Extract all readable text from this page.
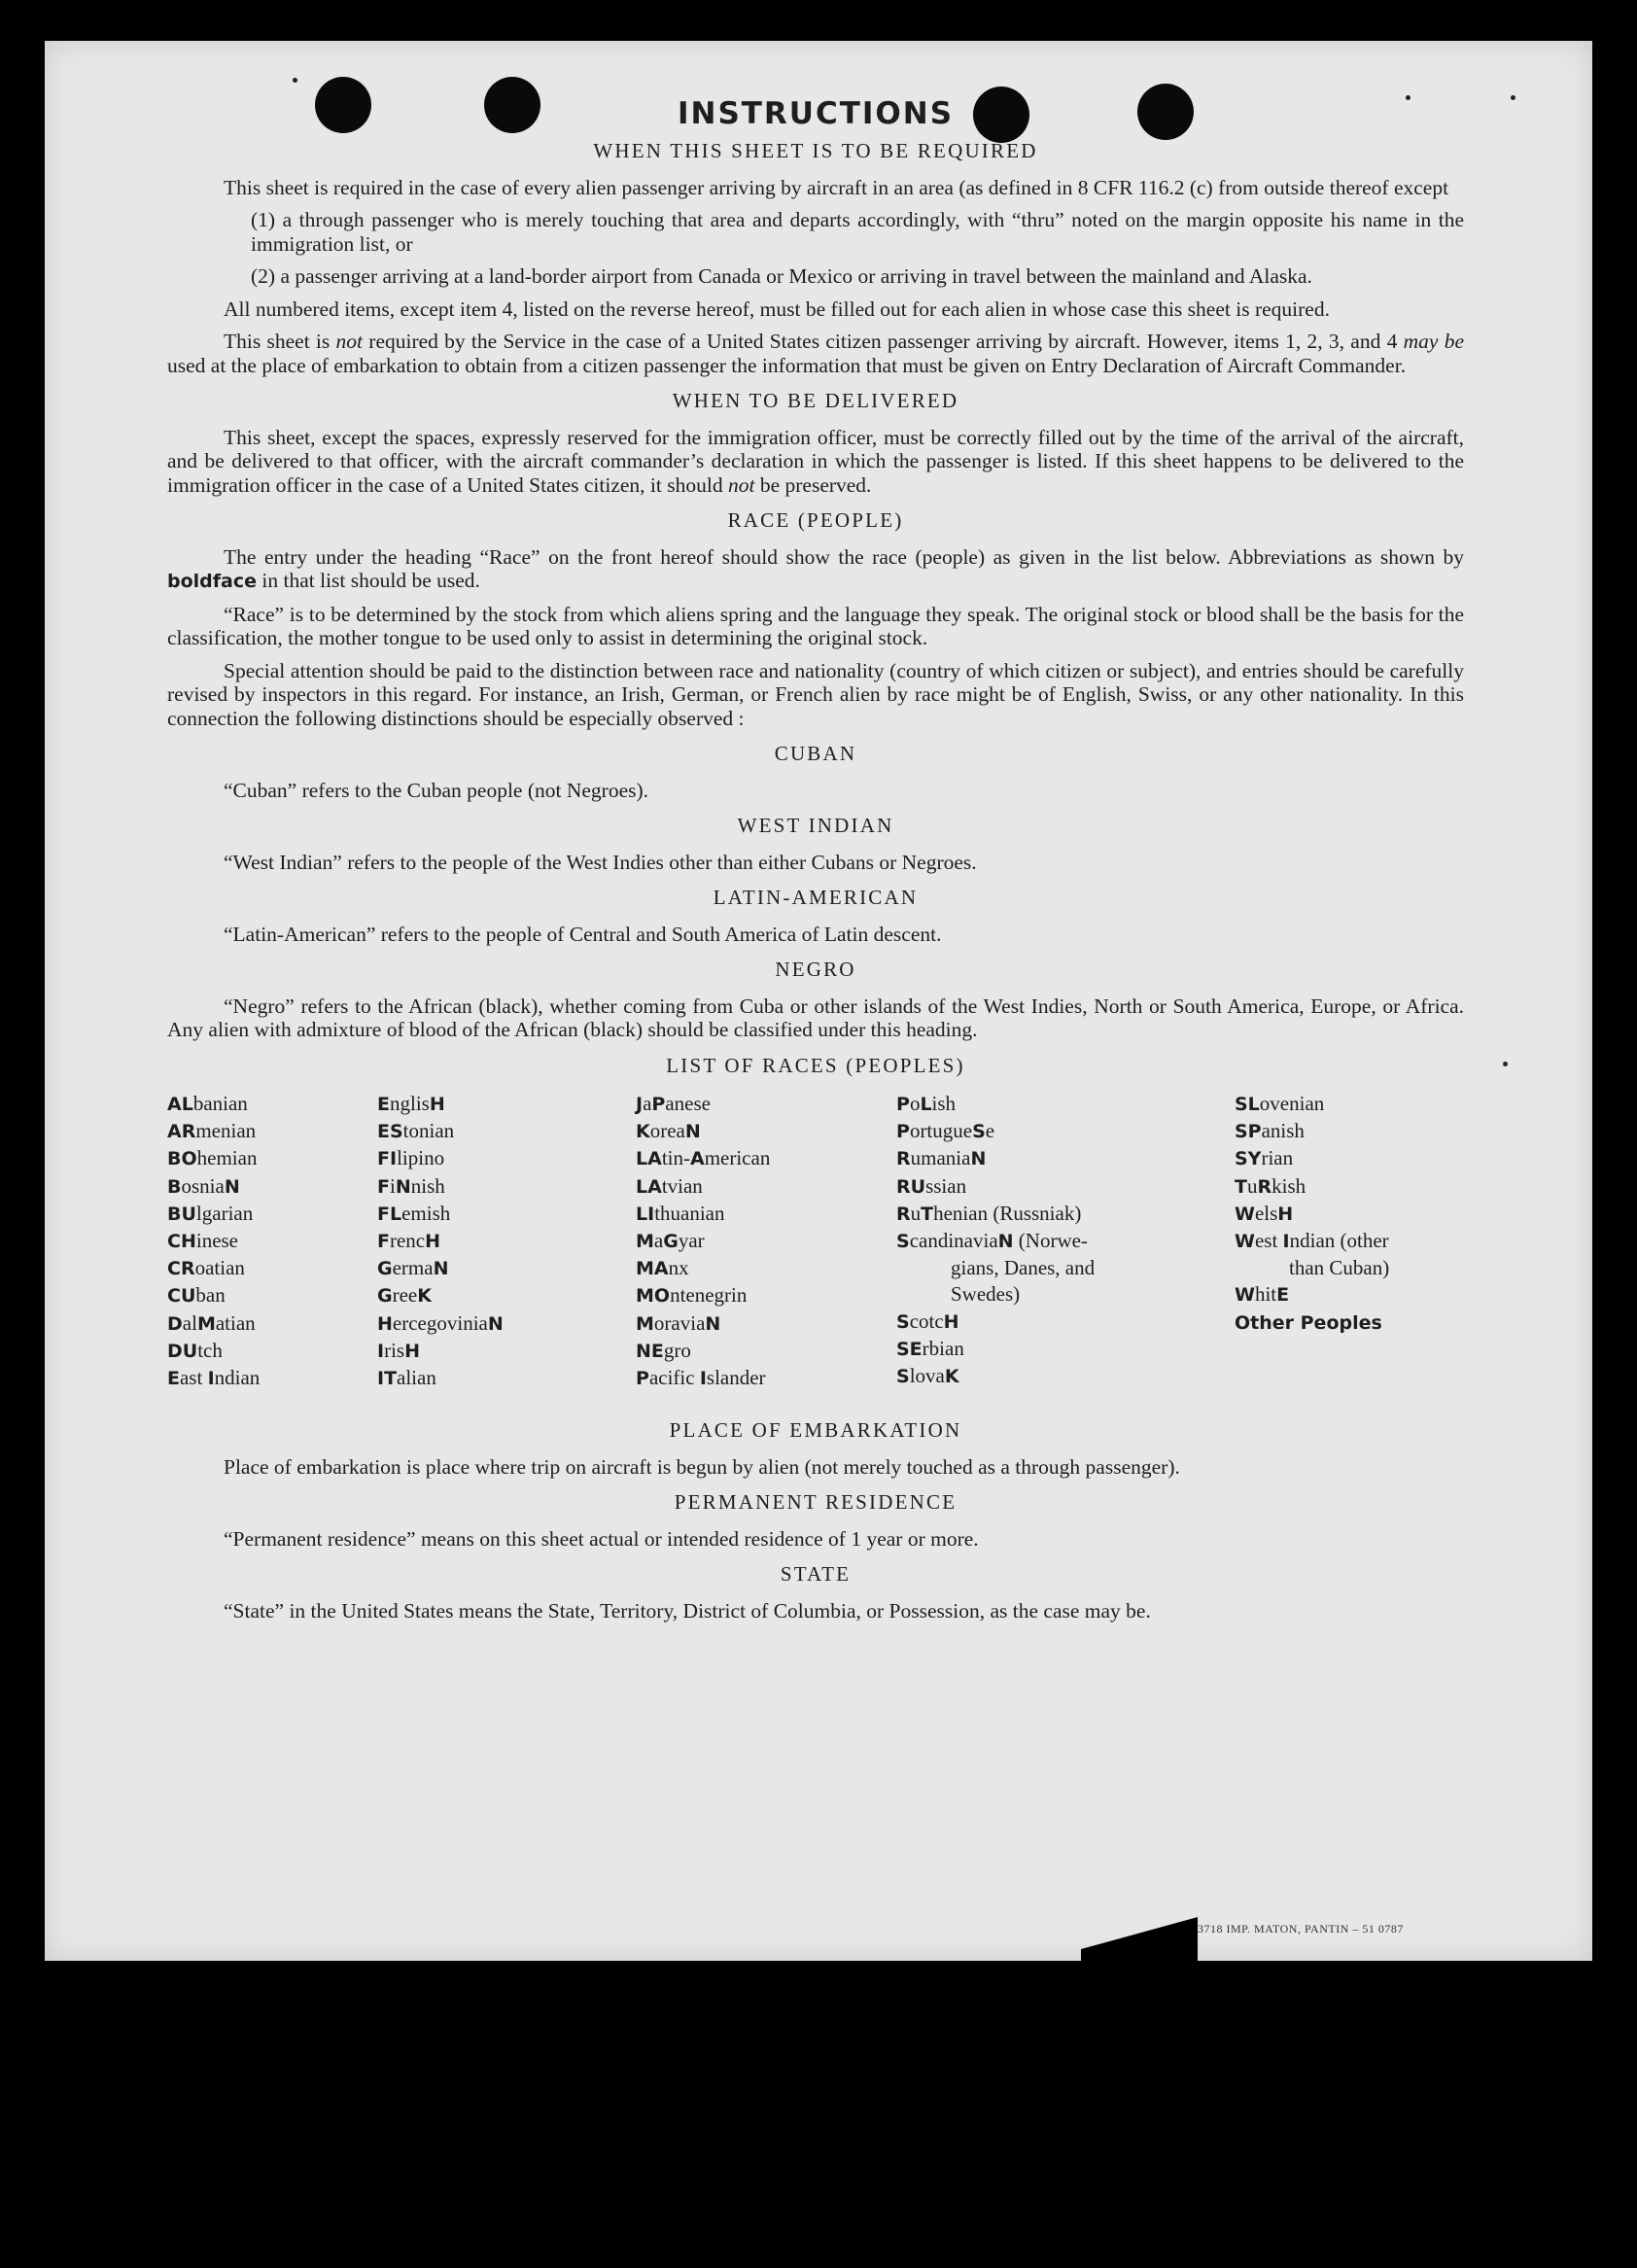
INSTRUCTIONS
WHEN THIS SHEET IS TO BE REQUIRED

This sheet is required in the case of every alien passenger arriving by aircraft in an area (as defined in 8 CFR 116.2 (c) from outside thereof except

(1) a through passenger who is merely touching that area and departs accordingly, with “thru” noted on the margin opposite his name in the immigration list, or

(2) a passenger arriving at a land-border airport from Canada or Mexico or arriving in travel between the mainland and Alaska.

All numbered items, except item 4, listed on the reverse hereof, must be filled out for each alien in whose case this sheet is required.

This sheet is not required by the Service in the case of a United States citizen passenger arriving by aircraft. However, items 1, 2, 3, and 4 may be used at the place of embarkation to obtain from a citizen passenger the information that must be given on Entry Declaration of Aircraft Commander.

WHEN TO BE DELIVERED

This sheet, except the spaces, expressly reserved for the immigration officer, must be correctly filled out by the time of the arrival of the aircraft, and be delivered to that officer, with the aircraft commander’s declaration in which the passenger is listed. If this sheet happens to be delivered to the immigration officer in the case of a United States citizen, it should not be preserved.

RACE (PEOPLE)

The entry under the heading “Race” on the front hereof should show the race (people) as given in the list below. Abbreviations as shown by boldface in that list should be used.

“Race” is to be determined by the stock from which aliens spring and the language they speak. The original stock or blood shall be the basis for the classification, the mother tongue to be used only to assist in determining the original stock.

Special attention should be paid to the distinction between race and nationality (country of which citizen or subject), and entries should be carefully revised by inspectors in this regard. For instance, an Irish, German, or French alien by race might be of English, Swiss, or any other nationality. In this connection the following distinctions should be especially observed :

CUBAN

“Cuban” refers to the Cuban people (not Negroes).

WEST INDIAN

“West Indian” refers to the people of the West Indies other than either Cubans or Negroes.

LATIN-AMERICAN

“Latin-American” refers to the people of Central and South America of Latin descent.

NEGRO

“Negro” refers to the African (black), whether coming from Cuba or other islands of the West Indies, North or South America, Europe, or Africa. Any alien with admixture of blood of the African (black) should be classified under this heading.

LIST OF RACES (PEOPLES)
ALbanian
ARmenian
BOhemian
BosniaN
BUlgarian
CHinese
CRoatian
CUban
DalMatian
DUtch
East Indian
EnglisH
EStonian
FIlipino
FiNnish
FLemish
FrencH
GermaN
GreeK
HercegoviniaN
IrisH
ITalian
JaPanese
KoreaN
LAtin-American
LAtvian
LIthuanian
MaGyar
MAnx
MOntenegrin
MoraviaN
NEgro
Pacific Islander
PoLish
PortugueSe
RumaniaN
RUssian
RuThenian (Russniak)
ScandinaviaN (Norwe-
gians, Danes, and
Swedes)
ScotcH
SErbian
SlovaK
SLovenian
SPanish
SYrian
TuRkish
WelsH
West Indian (other
than Cuban)
WhitE
Other Peoples
PLACE OF EMBARKATION

Place of embarkation is place where trip on aircraft is begun by alien (not merely touched as a through passenger).

PERMANENT RESIDENCE

“Permanent residence” means on this sheet actual or intended residence of 1 year or more.

STATE

“State” in the United States means the State, Territory, District of Columbia, or Possession, as the case may be.

3718 IMP. MATON, PANTIN – 51 0787
